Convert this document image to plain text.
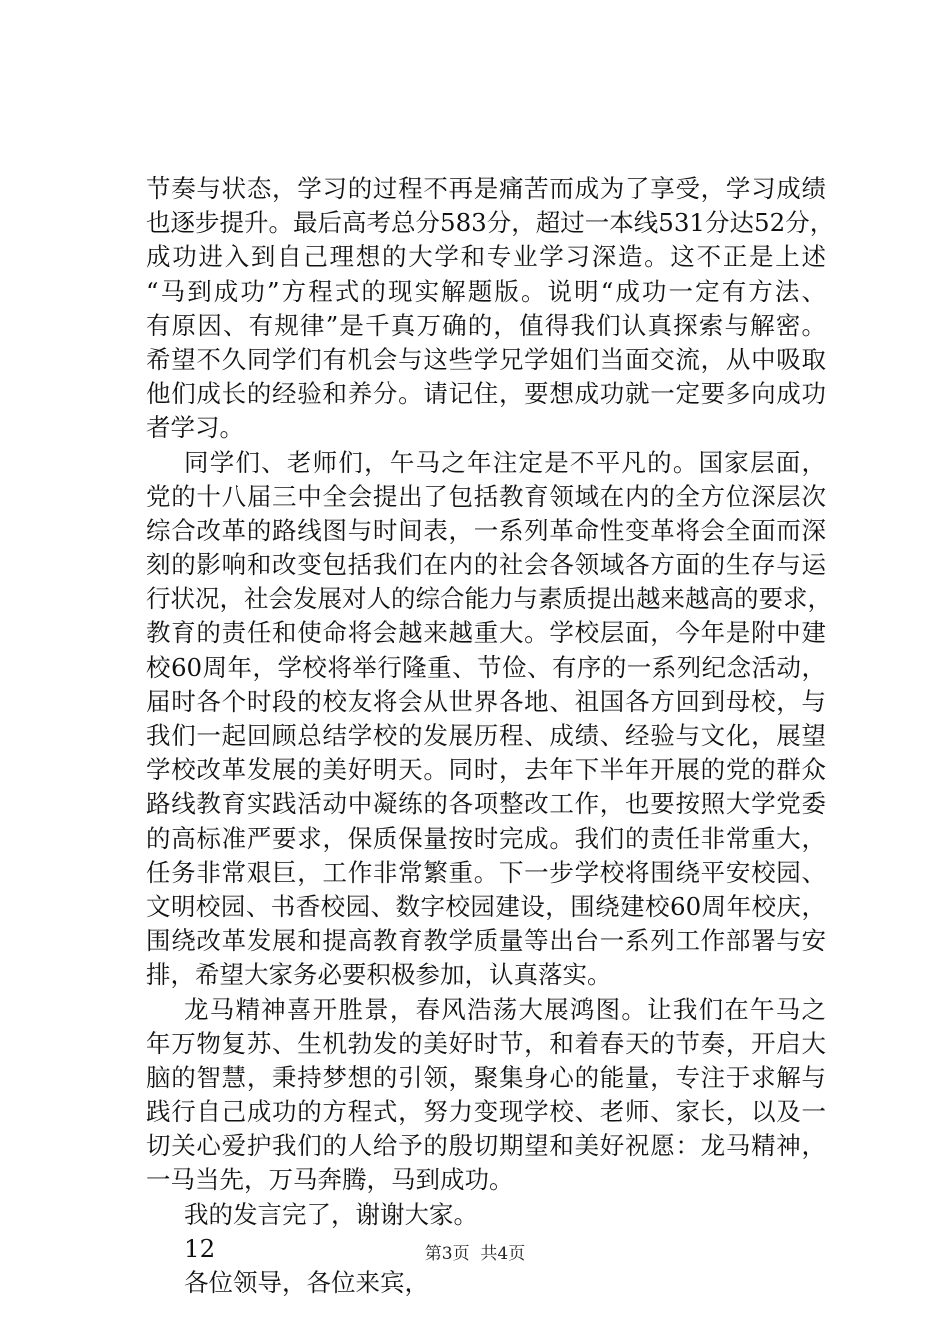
节奏与状态，学习的过程不再是痛苦而成为了享受，学习成绩
也逐步提升。最后高考总分583分，超过一本线531分达52分，
成功进入到自己理想的大学和专业学习深造。这不正是上述
“马到成功”方程式的现实解题版。说明“成功一定有方法、
有原因、有规律”是千真万确的，值得我们认真探索与解密。
希望不久同学们有机会与这些学兄学姐们当面交流，从中吸取
他们成长的经验和养分。请记住，要想成功就一定要多向成功
者学习。
同学们、老师们，午马之年注定是不平凡的。国家层面，
党的十八届三中全会提出了包括教育领域在内的全方位深层次
综合改革的路线图与时间表，一系列革命性变革将会全面而深
刻的影响和改变包括我们在内的社会各领域各方面的生存与运
行状况，社会发展对人的综合能力与素质提出越来越高的要求，
教育的责任和使命将会越来越重大。学校层面，今年是附中建
校60周年，学校将举行隆重、节俭、有序的一系列纪念活动，
届时各个时段的校友将会从世界各地、祖国各方回到母校，与
我们一起回顾总结学校的发展历程、成绩、经验与文化，展望
学校改革发展的美好明天。同时，去年下半年开展的党的群众
路线教育实践活动中凝练的各项整改工作，也要按照大学党委
的高标准严要求，保质保量按时完成。我们的责任非常重大，
任务非常艰巨，工作非常繁重。下一步学校将围绕平安校园、
文明校园、书香校园、数字校园建设，围绕建校60周年校庆，
围绕改革发展和提高教育教学质量等出台一系列工作部署与安
排，希望大家务必要积极参加，认真落实。
龙马精神喜开胜景，春风浩荡大展鸿图。让我们在午马之
年万物复苏、生机勃发的美好时节，和着春天的节奏，开启大
脑的智慧，秉持梦想的引领，聚集身心的能量，专注于求解与
践行自己成功的方程式，努力变现学校、老师、家长，以及一
切关心爱护我们的人给予的殷切期望和美好祝愿：龙马精神，
一马当先，万马奔腾，马到成功。
我的发言完了，谢谢大家。
12
各位领导，各位来宾，
第3页  共4页
